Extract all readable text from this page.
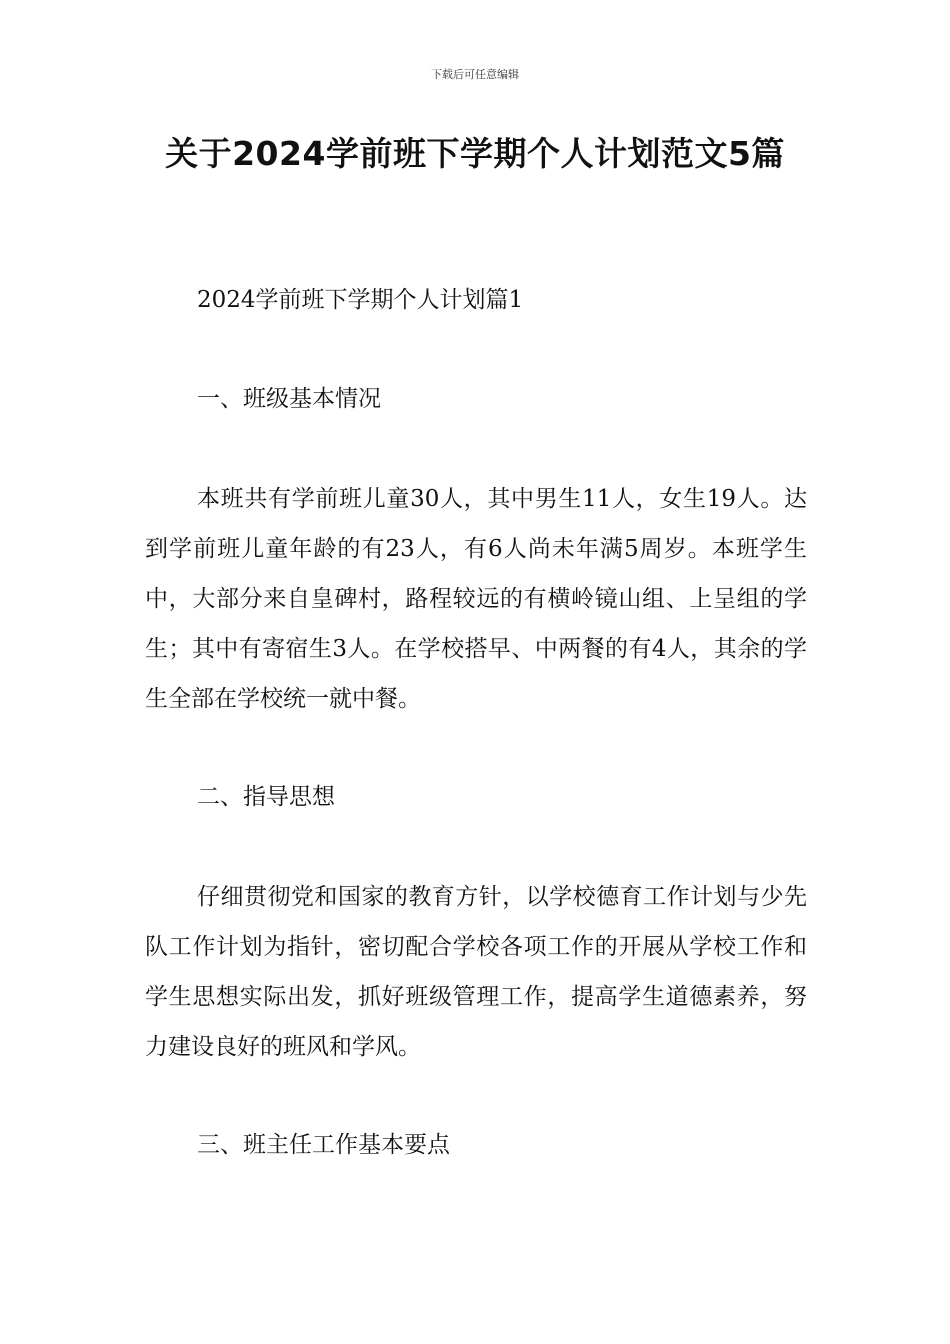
下载后可任意编辑
关于2024学前班下学期个人计划范文5篇

2024学前班下学期个人计划篇1

一、班级基本情况

本班共有学前班儿童30人，其中男生11人，女生19人。达到学前班儿童年龄的有23人，有6人尚未年满5周岁。本班学生中，大部分来自皇碑村，路程较远的有横岭镜山组、上呈组的学生；其中有寄宿生3人。在学校搭早、中两餐的有4人，其余的学生全部在学校统一就中餐。

二、指导思想

仔细贯彻党和国家的教育方针，以学校德育工作计划与少先队工作计划为指针，密切配合学校各项工作的开展从学校工作和学生思想实际出发，抓好班级管理工作，提高学生道德素养，努力建设良好的班风和学风。

三、班主任工作基本要点
